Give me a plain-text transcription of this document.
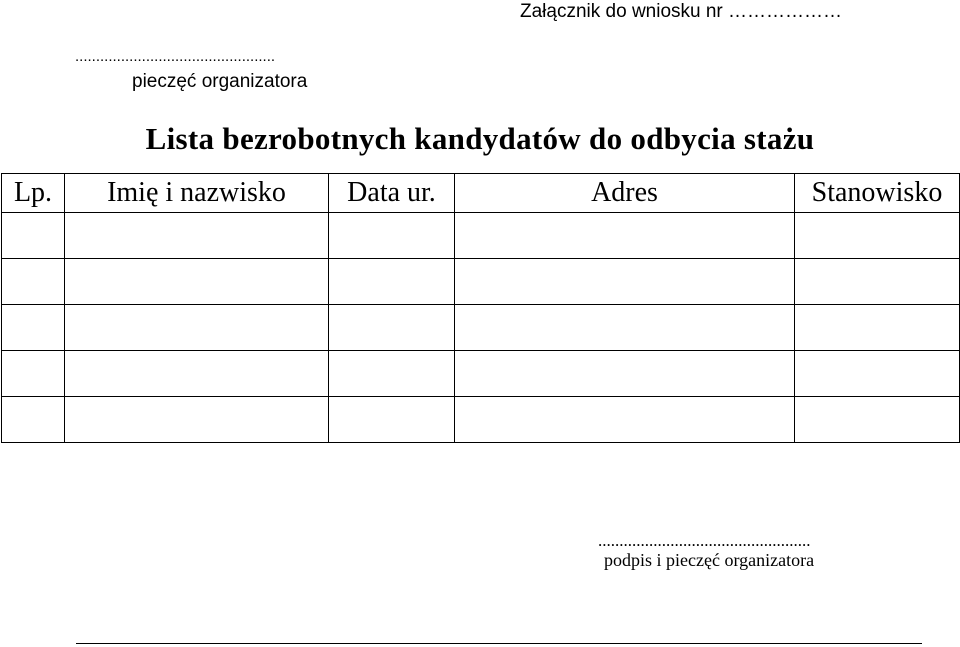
Załącznik do wniosku nr ………………
................................................
pieczęć organizatora
Lista bezrobotnych kandydatów do odbycia stażu
Lp.	Imię i nazwisko	Data ur.	Adres	Stanowisko

..................................................
podpis i pieczęć organizatora
